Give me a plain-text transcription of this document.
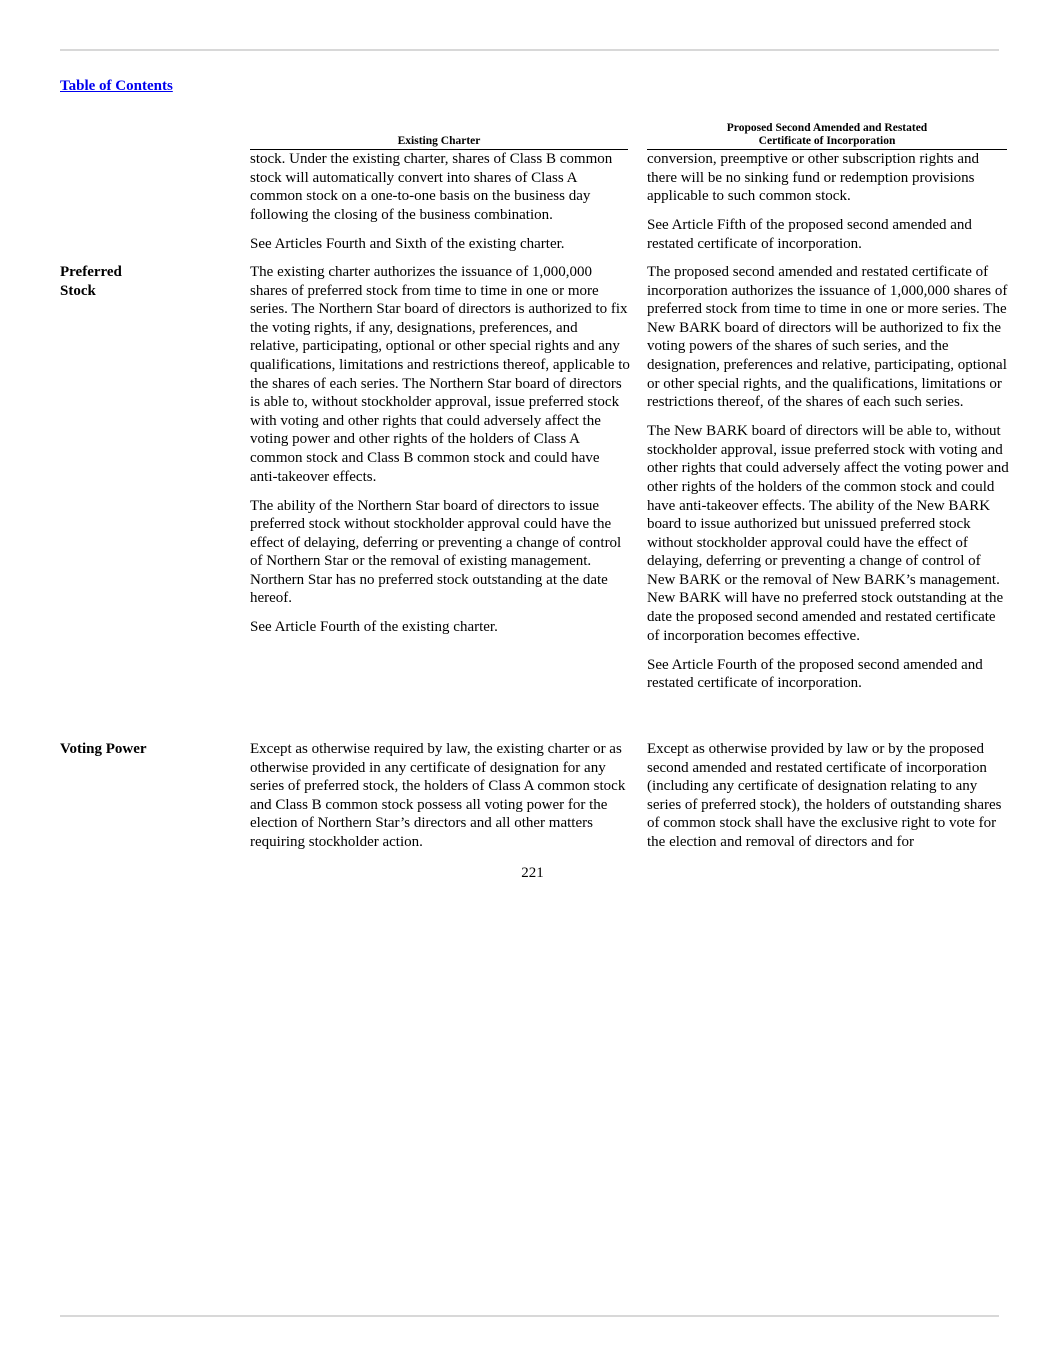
Table of Contents
Existing Charter
Proposed Second Amended and Restated
Certificate of Incorporation

stock. Under the existing charter, shares of Class B common stock will automatically convert into shares of Class A common stock on a one-to-one basis on the business day following the closing of the business combination.

See Articles Fourth and Sixth of the existing charter.

conversion, preemptive or other subscription rights and there will be no sinking fund or redemption provisions applicable to such common stock.

See Article Fifth of the proposed second amended and restated certificate of incorporation.

Preferred
Stock

The existing charter authorizes the issuance of 1,000,000 shares of preferred stock from time to time in one or more series. The Northern Star board of directors is authorized to fix the voting rights, if any, designations, preferences, and relative, participating, optional or other special rights and any qualifications, limitations and restrictions thereof, applicable to the shares of each series. The Northern Star board of directors is able to, without stockholder approval, issue preferred stock with voting and other rights that could adversely affect the voting power and other rights of the holders of Class A common stock and Class B common stock and could have anti-takeover effects.

The ability of the Northern Star board of directors to issue preferred stock without stockholder approval could have the effect of delaying, deferring or preventing a change of control of Northern Star or the removal of existing management. Northern Star has no preferred stock outstanding at the date hereof.

See Article Fourth of the existing charter.

The proposed second amended and restated certificate of incorporation authorizes the issuance of 1,000,000 shares of preferred stock from time to time in one or more series. The New BARK board of directors will be authorized to fix the voting powers of the shares of such series, and the designation, preferences and relative, participating, optional or other special rights, and the qualifications, limitations or restrictions thereof, of the shares of each such series.

The New BARK board of directors will be able to, without stockholder approval, issue preferred stock with voting and other rights that could adversely affect the voting power and other rights of the holders of the common stock and could have anti-takeover effects. The ability of the New BARK board to issue authorized but unissued preferred stock without stockholder approval could have the effect of delaying, deferring or preventing a change of control of New BARK or the removal of New BARK’s management. New BARK will have no preferred stock outstanding at the date the proposed second amended and restated certificate of incorporation becomes effective.

See Article Fourth of the proposed second amended and restated certificate of incorporation.

Voting Power	Except as otherwise required by law, the existing charter or as otherwise provided in any certificate of designation for any series of preferred stock, the holders of Class A common stock and Class B common stock possess all voting power for the election of Northern Star’s directors and all other matters requiring stockholder action.

Except as otherwise provided by law or by the proposed second amended and restated certificate of incorporation (including any certificate of designation relating to any series of preferred stock), the holders of outstanding shares of common stock shall have the exclusive right to vote for the election and removal of directors and for

221
